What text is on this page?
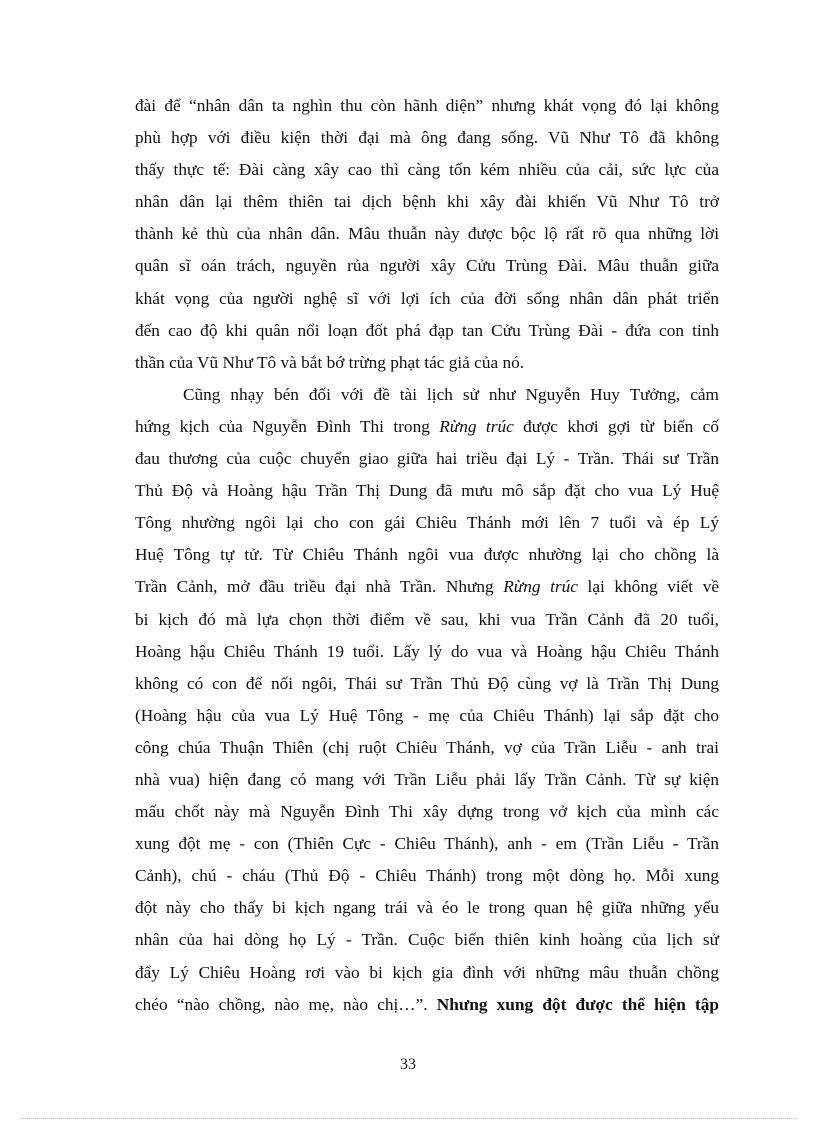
đài để “nhân dân ta nghìn thu còn hãnh diện” nhưng khát vọng đó lại không
phù hợp với điều kiện thời đại mà ông đang sống. Vũ Như Tô đã không
thấy thực tế: Đài càng xây cao thì càng tốn kém nhiều của cải, sức lực của
nhân dân lại thêm thiên tai dịch bệnh khi xây đài khiến Vũ Như Tô trở
thành kẻ thù của nhân dân. Mâu thuẫn này được bộc lộ rất rõ qua những lời
quân sĩ oán trách, nguyền rủa người xây Cửu Trùng Đài. Mâu thuẫn giữa
khát vọng của người nghệ sĩ với lợi ích của đời sống nhân dân phát triển
đến cao độ khi quân nổi loạn đốt phá đạp tan Cửu Trùng Đài - đứa con tinh
thần của Vũ Như Tô và bắt bớ trừng phạt tác giả của nó.
Cũng nhạy bén đối với đề tài lịch sử như Nguyễn Huy Tưởng, cảm
hứng kịch của Nguyễn Đình Thi trong Rừng trúc được khơi gợi từ biến cố
đau thương của cuộc chuyển giao giữa hai triều đại Lý - Trần. Thái sư Trần
Thủ Độ và Hoàng hậu Trần Thị Dung đã mưu mô sắp đặt cho vua Lý Huệ
Tông nhường ngôi lại cho con gái Chiêu Thánh mới lên 7 tuổi và ép Lý
Huệ Tông tự tử. Từ Chiêu Thánh ngôi vua được nhường lại cho chồng là
Trần Cảnh, mở đầu triều đại nhà Trần. Nhưng Rừng trúc lại không viết về
bi kịch đó mà lựa chọn thời điểm về sau, khi vua Trần Cảnh đã 20 tuổi,
Hoàng hậu Chiêu Thánh 19 tuổi. Lấy lý do vua và Hoàng hậu Chiêu Thánh
không có con để nối ngôi, Thái sư Trần Thủ Độ cùng vợ là Trần Thị Dung
(Hoàng hậu của vua Lý Huệ Tông - mẹ của Chiêu Thánh) lại sắp đặt cho
công chúa Thuận Thiên (chị ruột Chiêu Thánh, vợ của Trần Liễu - anh trai
nhà vua) hiện đang có mang với Trần Liễu phải lấy Trần Cảnh. Từ sự kiện
mấu chốt này mà Nguyễn Đình Thi xây dựng trong vở kịch của mình các
xung đột mẹ - con (Thiên Cực - Chiêu Thánh), anh - em (Trần Liễu - Trần
Cảnh), chú - cháu (Thủ Độ - Chiêu Thánh) trong một dòng họ. Mỗi xung
đột này cho thấy bi kịch ngang trái và éo le trong quan hệ giữa những yếu
nhân của hai dòng họ Lý - Trần. Cuộc biến thiên kinh hoàng của lịch sử
đẩy Lý Chiêu Hoàng rơi vào bi kịch gia đình với những mâu thuẫn chồng
chéo “nào chồng, nào mẹ, nào chị…”. Nhưng xung đột được thể hiện tập
33
